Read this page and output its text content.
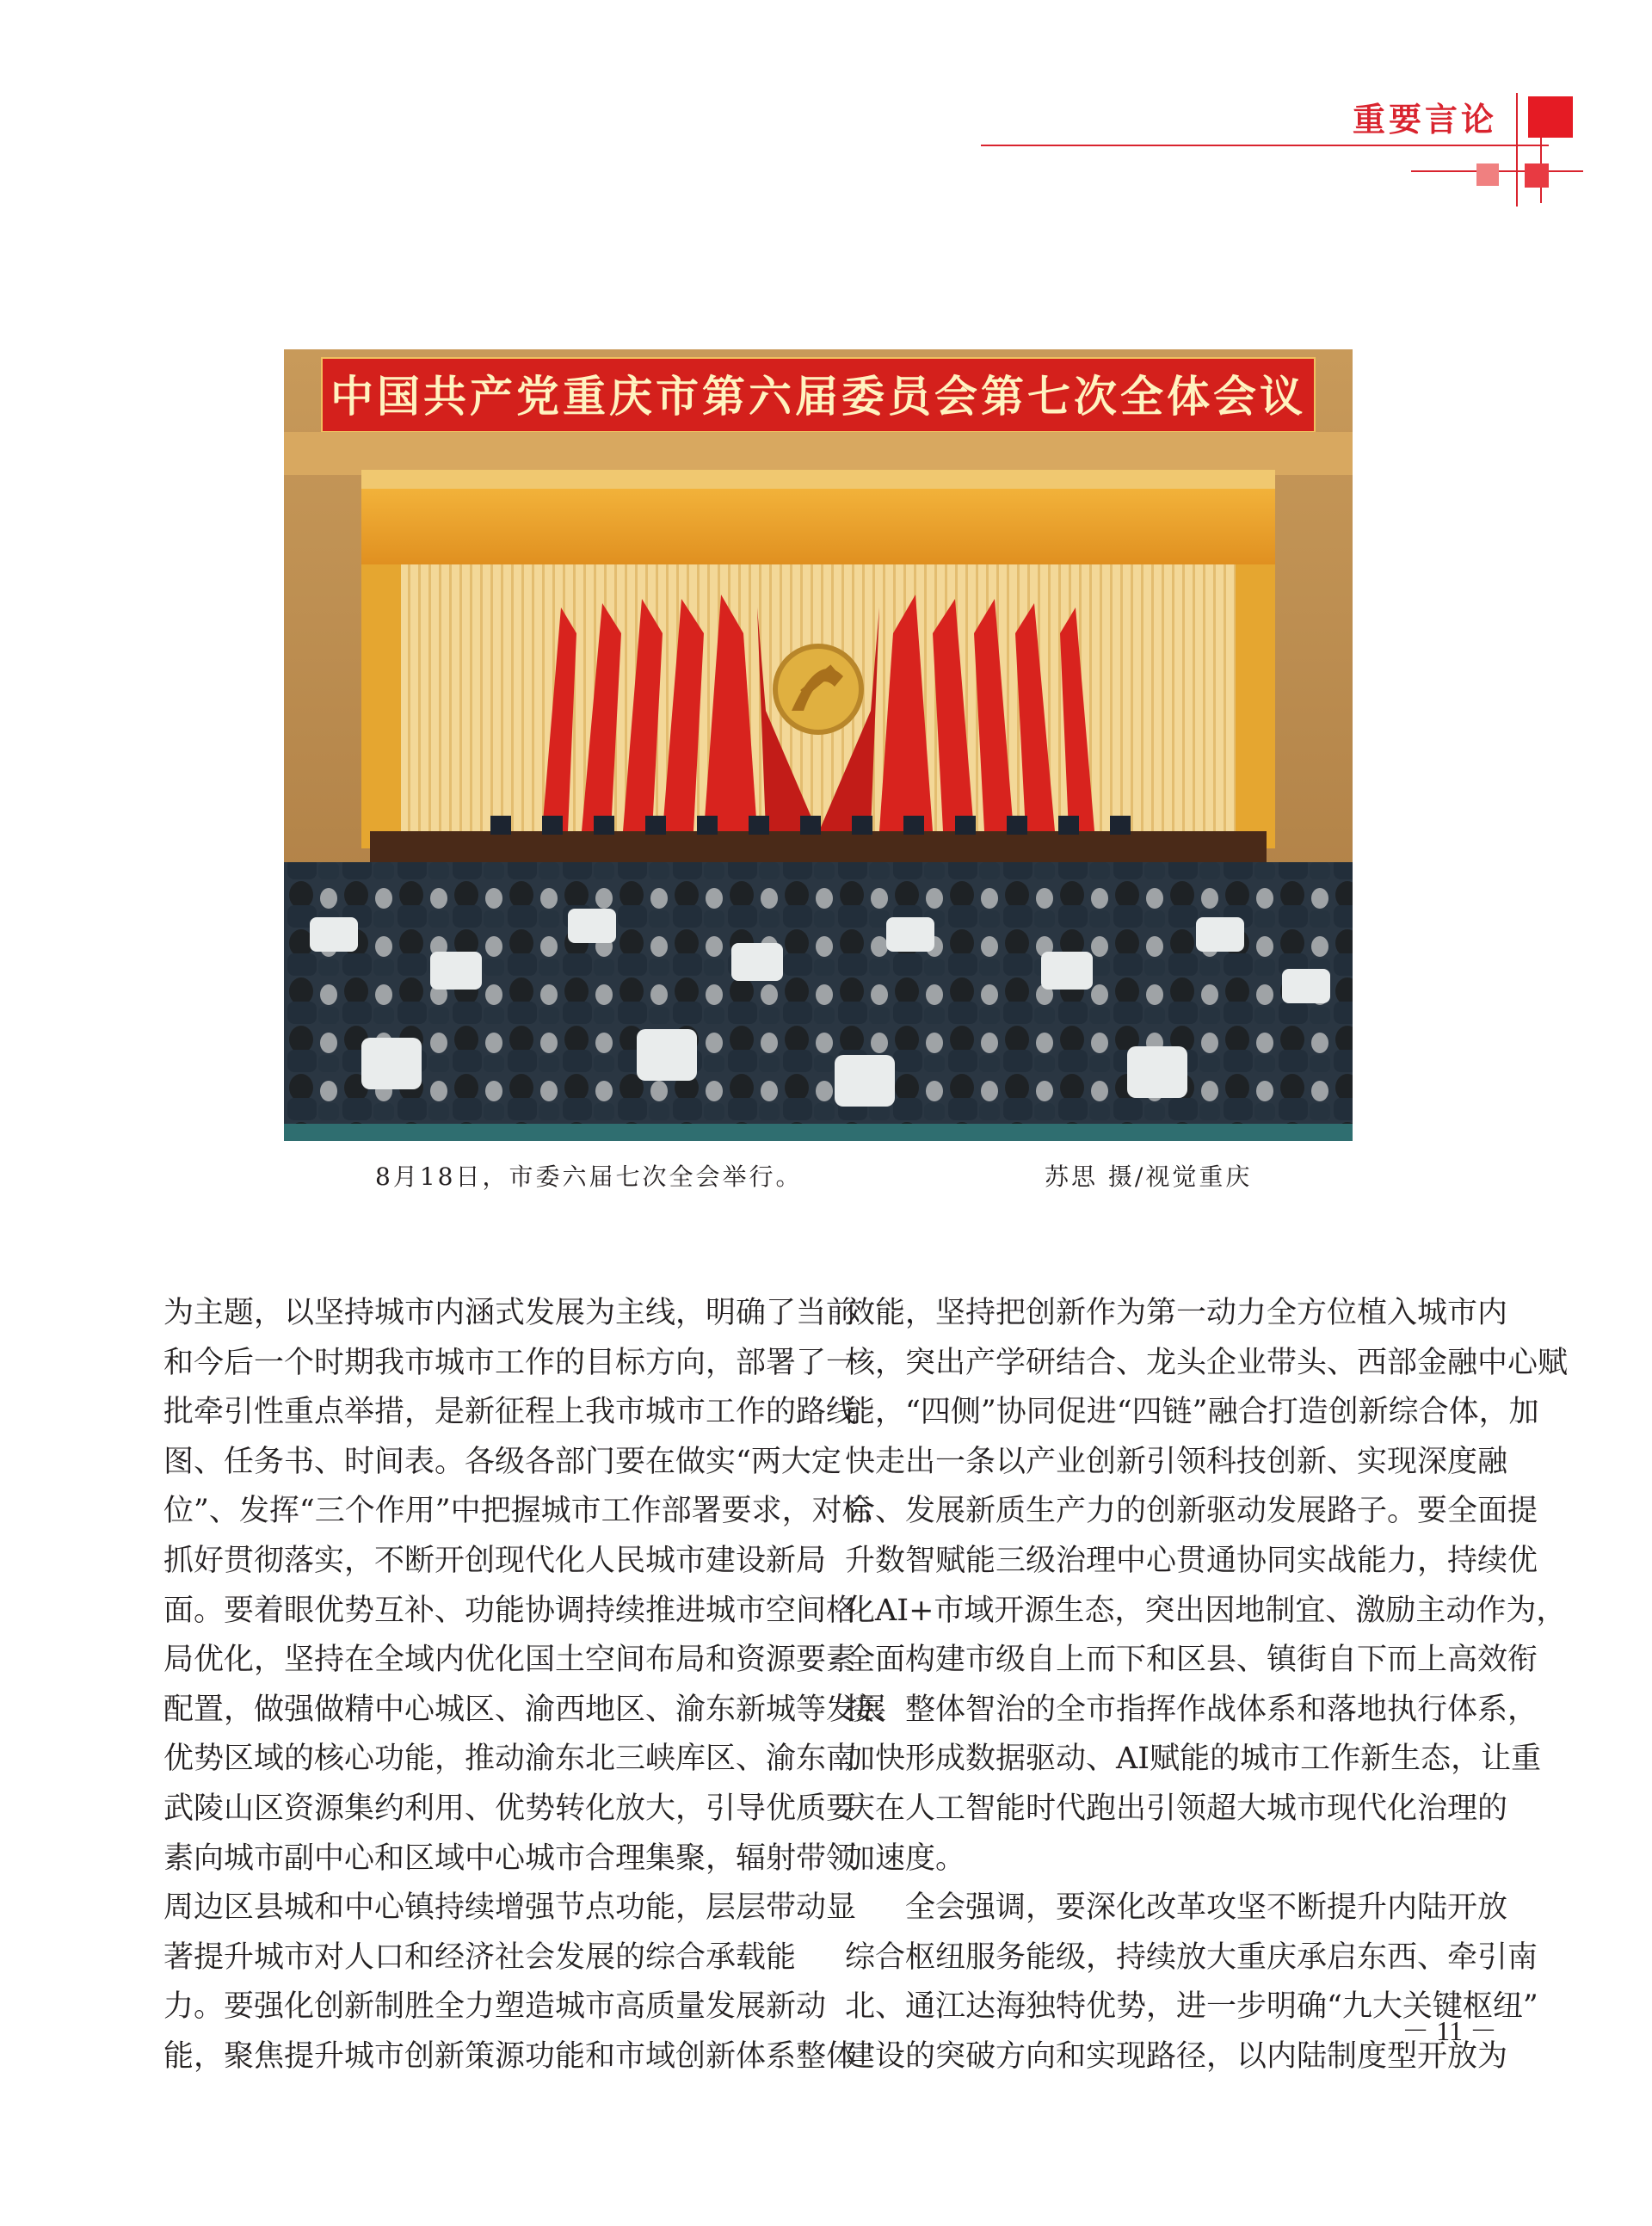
重要言论
中国共产党重庆市第六届委员会第七次全体会议
8月18日，市委六届七次全会举行。	苏思 摄/视觉重庆
为主题，以坚持城市内涵式发展为主线，明确了当前
和今后一个时期我市城市工作的目标方向，部署了一
批牵引性重点举措，是新征程上我市城市工作的路线
图、任务书、时间表。各级各部门要在做实“两大定
位”、发挥“三个作用”中把握城市工作部署要求，对标
抓好贯彻落实，不断开创现代化人民城市建设新局
面。要着眼优势互补、功能协调持续推进城市空间格
局优化，坚持在全域内优化国土空间布局和资源要素
配置，做强做精中心城区、渝西地区、渝东新城等发展
优势区域的核心功能，推动渝东北三峡库区、渝东南
武陵山区资源集约利用、优势转化放大，引导优质要
素向城市副中心和区域中心城市合理集聚，辐射带领
周边区县城和中心镇持续增强节点功能，层层带动显
著提升城市对人口和经济社会发展的综合承载能
力。要强化创新制胜全力塑造城市高质量发展新动
能，聚焦提升城市创新策源功能和市域创新体系整体
效能，坚持把创新作为第一动力全方位植入城市内
核，突出产学研结合、龙头企业带头、西部金融中心赋
能，“四侧”协同促进“四链”融合打造创新综合体，加
快走出一条以产业创新引领科技创新、实现深度融
合、发展新质生产力的创新驱动发展路子。要全面提
升数智赋能三级治理中心贯通协同实战能力，持续优
化AI+市域开源生态，突出因地制宜、激励主动作为，
全面构建市级自上而下和区县、镇街自下而上高效衔
接、整体智治的全市指挥作战体系和落地执行体系，
加快形成数据驱动、AI赋能的城市工作新生态，让重
庆在人工智能时代跑出引领超大城市现代化治理的
加速度。
全会强调，要深化改革攻坚不断提升内陆开放
综合枢纽服务能级，持续放大重庆承启东西、牵引南
北、通江达海独特优势，进一步明确“九大关键枢纽”
建设的突破方向和实现路径，以内陆制度型开放为
－ 11 －
